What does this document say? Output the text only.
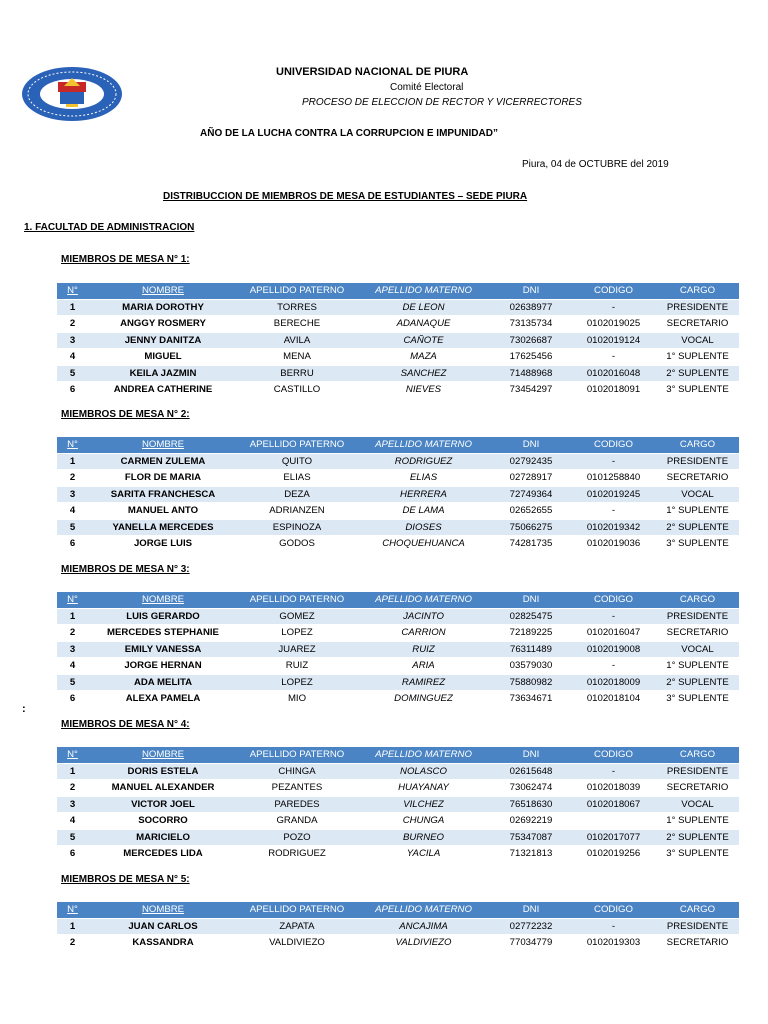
UNIVERSIDAD NACIONAL DE PIURA
Comité Electoral
PROCESO DE ELECCION DE RECTOR Y VICERRECTORES
AÑO DE LA LUCHA CONTRA LA CORRUPCION E IMPUNIDAD”
Piura, 04 de OCTUBRE del 2019
DISTRIBUCCION DE MIEMBROS DE MESA DE ESTUDIANTES – SEDE PIURA
1. FACULTAD DE ADMINISTRACION
:
MIEMBROS DE MESA N° 1:
N°	NOMBRE	APELLIDO PATERNO	APELLIDO MATERNO	DNI	CODIGO	CARGO
1	MARIA DOROTHY	TORRES	DE LEON	02638977	-	PRESIDENTE
2	ANGGY ROSMERY	BERECHE	ADANAQUE	73135734	0102019025	SECRETARIO
3	JENNY DANITZA	AVILA	CAÑOTE	73026687	0102019124	VOCAL
4	MIGUEL	MENA	MAZA	17625456	-	1° SUPLENTE
5	KEILA JAZMIN	BERRU	SANCHEZ	71488968	0102016048	2° SUPLENTE
6	ANDREA CATHERINE	CASTILLO	NIEVES	73454297	0102018091	3° SUPLENTE
MIEMBROS DE MESA N° 2:
N°	NOMBRE	APELLIDO PATERNO	APELLIDO MATERNO	DNI	CODIGO	CARGO
1	CARMEN ZULEMA	QUITO	RODRIGUEZ	02792435	-	PRESIDENTE
2	FLOR DE MARIA	ELIAS	ELIAS	02728917	0101258840	SECRETARIO
3	SARITA FRANCHESCA	DEZA	HERRERA	72749364	0102019245	VOCAL
4	MANUEL ANTO	ADRIANZEN	DE LAMA	02652655	-	1° SUPLENTE
5	YANELLA MERCEDES	ESPINOZA	DIOSES	75066275	0102019342	2° SUPLENTE
6	JORGE LUIS	GODOS	CHOQUEHUANCA	74281735	0102019036	3° SUPLENTE
MIEMBROS DE MESA N° 3:
N°	NOMBRE	APELLIDO PATERNO	APELLIDO MATERNO	DNI	CODIGO	CARGO
1	LUIS GERARDO	GOMEZ	JACINTO	02825475	-	PRESIDENTE
2	MERCEDES STEPHANIE	LOPEZ	CARRION	72189225	0102016047	SECRETARIO
3	EMILY VANESSA	JUAREZ	RUIZ	76311489	0102019008	VOCAL
4	JORGE HERNAN	RUIZ	ARIA	03579030	-	1° SUPLENTE
5	ADA MELITA	LOPEZ	RAMIREZ	75880982	0102018009	2° SUPLENTE
6	ALEXA PAMELA	MIO	DOMINGUEZ	73634671	0102018104	3° SUPLENTE
MIEMBROS DE MESA N° 4:
N°	NOMBRE	APELLIDO PATERNO	APELLIDO MATERNO	DNI	CODIGO	CARGO
1	DORIS ESTELA	CHINGA	NOLASCO	02615648	-	PRESIDENTE
2	MANUEL ALEXANDER	PEZANTES	HUAYANAY	73062474	0102018039	SECRETARIO
3	VICTOR JOEL	PAREDES	VILCHEZ	76518630	0102018067	VOCAL
4	SOCORRO	GRANDA	CHUNGA	02692219		1° SUPLENTE
5	MARICIELO	POZO	BURNEO	75347087	0102017077	2° SUPLENTE
6	MERCEDES LIDA	RODRIGUEZ	YACILA	71321813	0102019256	3° SUPLENTE
MIEMBROS DE MESA N° 5:
N°	NOMBRE	APELLIDO PATERNO	APELLIDO MATERNO	DNI	CODIGO	CARGO
1	JUAN CARLOS	ZAPATA	ANCAJIMA	02772232	-	PRESIDENTE
2	KASSANDRA	VALDIVIEZO	VALDIVIEZO	77034779	0102019303	SECRETARIO
